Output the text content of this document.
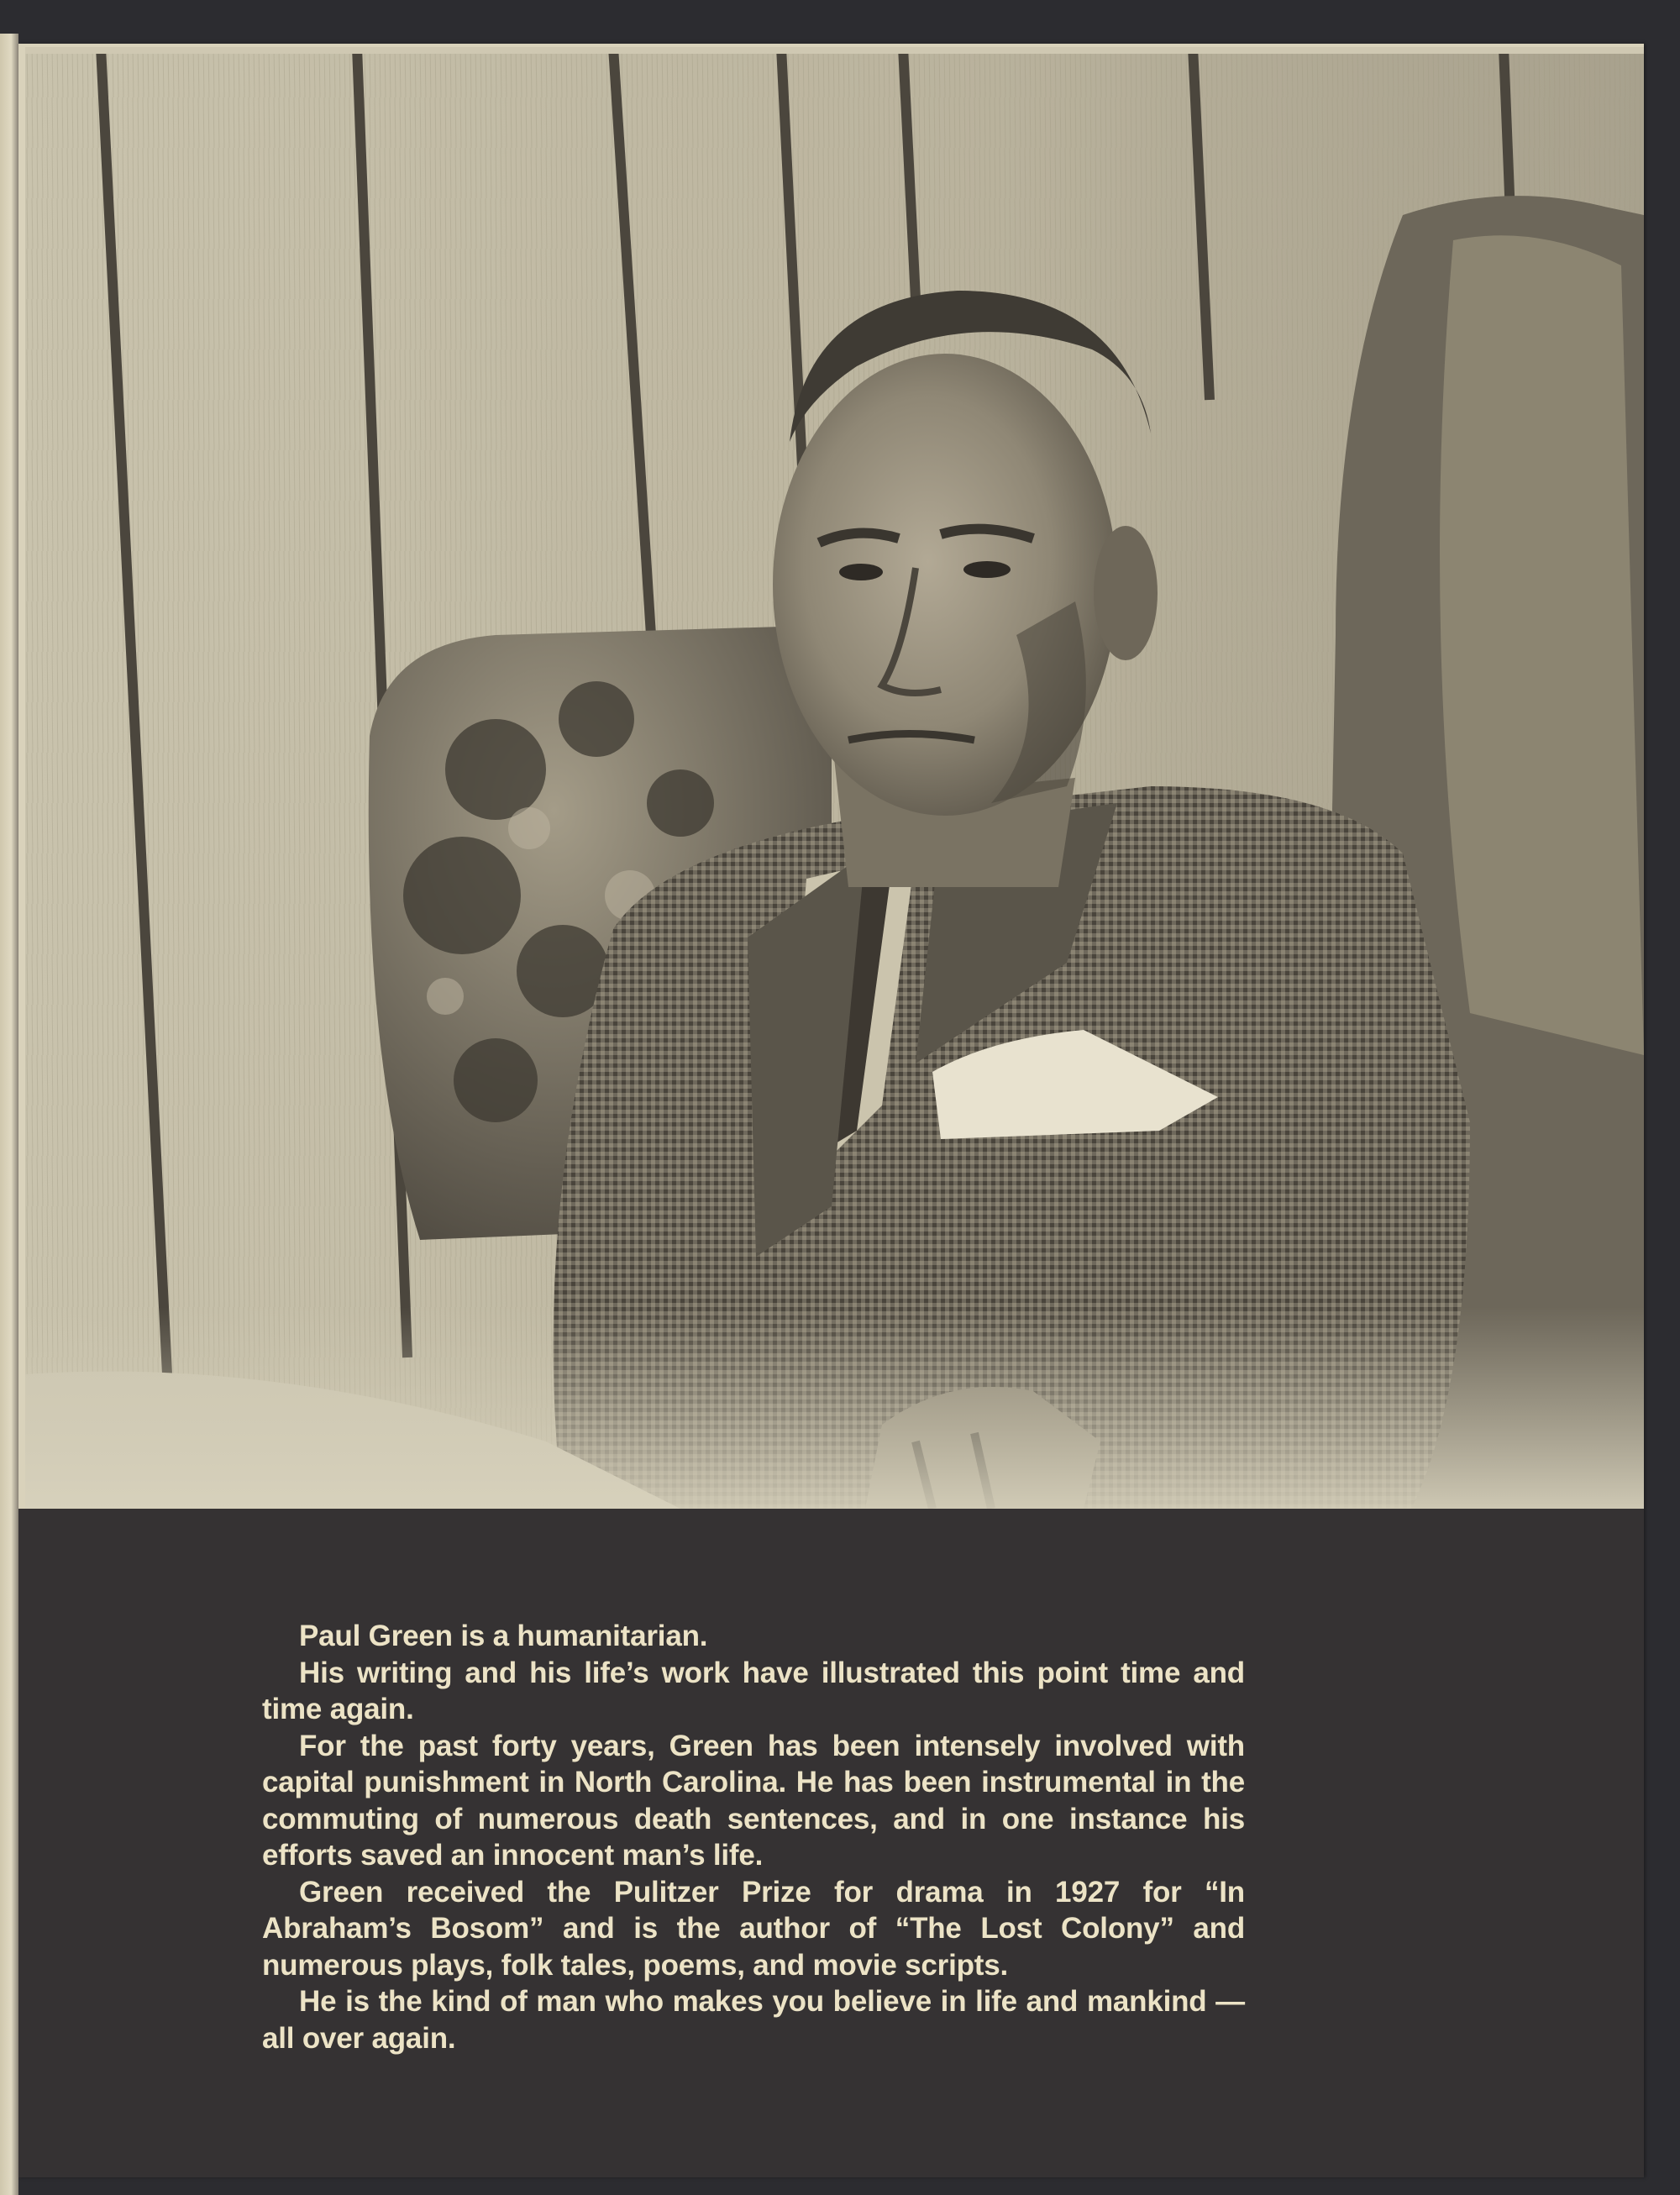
Paul Green is a humanitarian.

His writing and his life’s work have illustrated this point time and time again.

For the past forty years, Green has been intensely involved with capital punishment in North Carolina. He has been instrumental in the commuting of numerous death sentences, and in one instance his efforts saved an innocent man’s life.

Green received the Pulitzer Prize for drama in 1927 for “In Abraham’s Bosom” and is the author of “The Lost Colony” and numerous plays, folk tales, poems, and movie scripts.

He is the kind of man who makes you believe in life and mankind — all over again.
